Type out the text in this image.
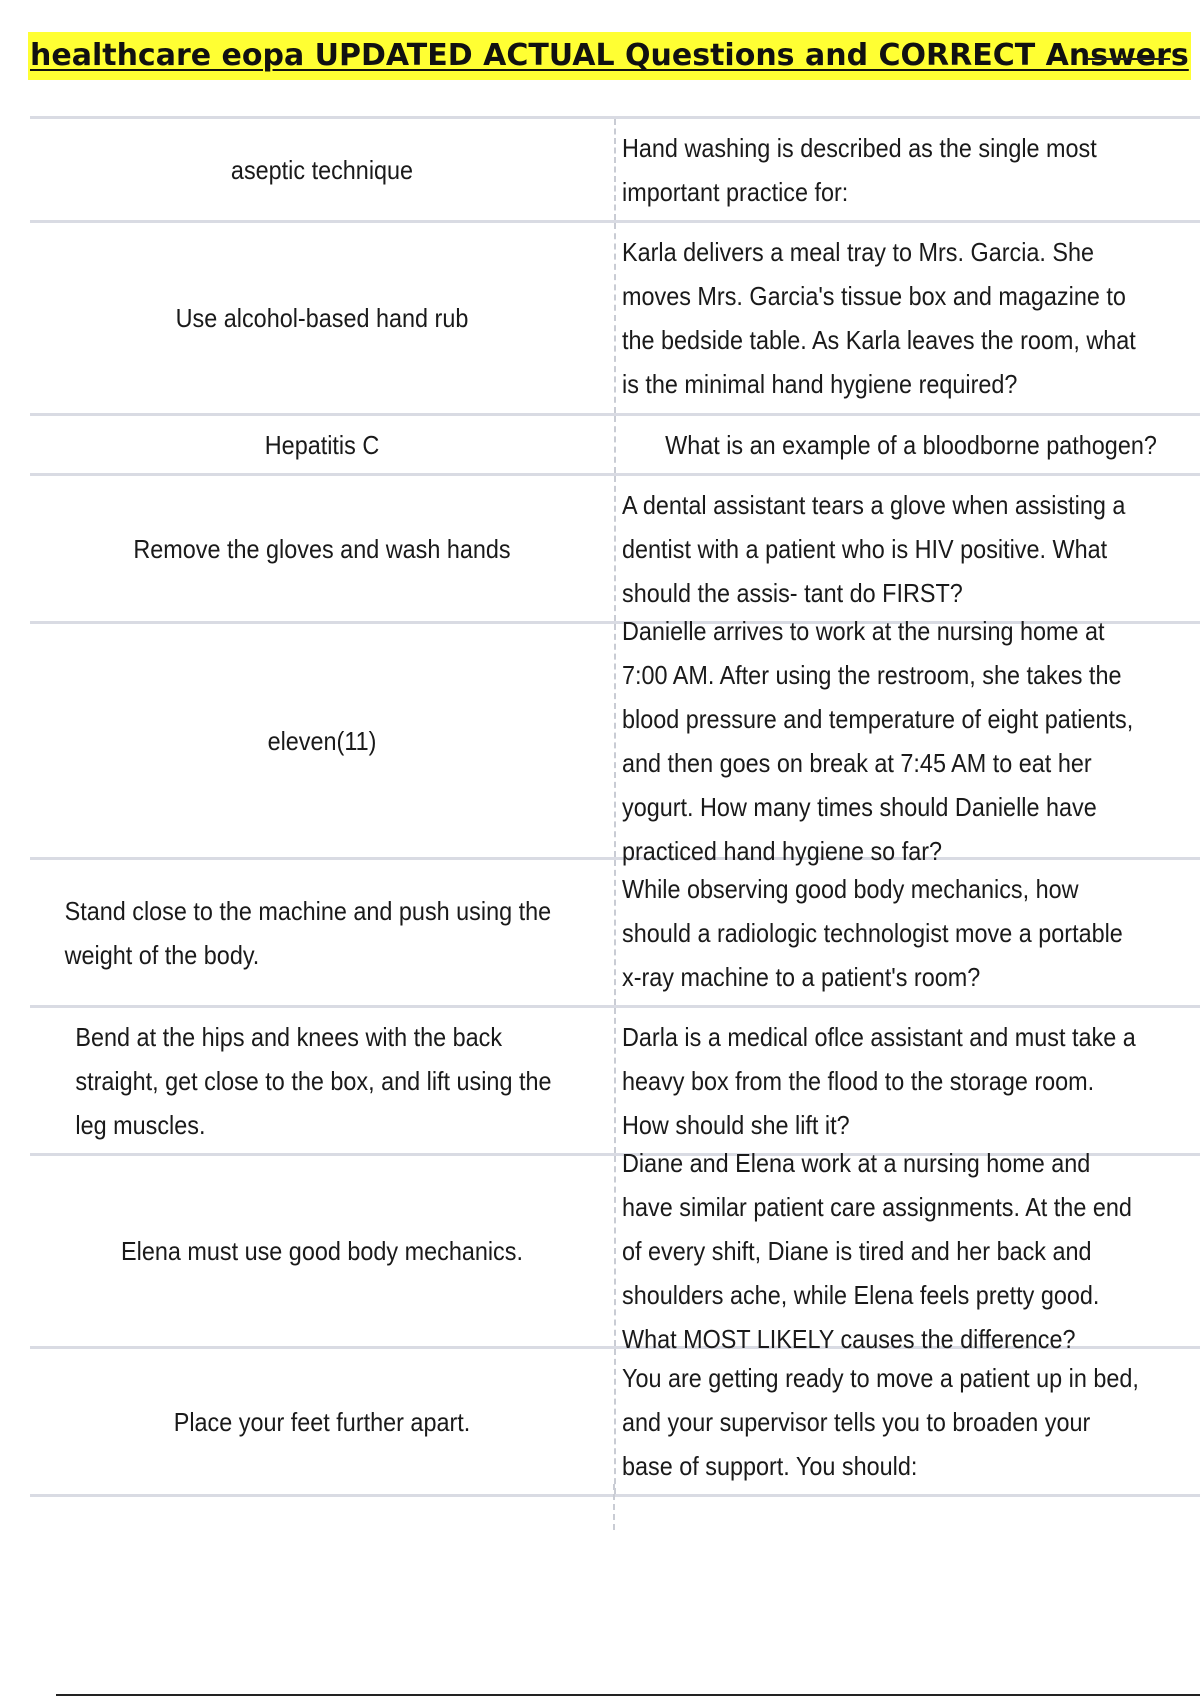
healthcare eopa UPDATED ACTUAL Questions and CORRECT Answers
aseptic technique
Hand washing is described as the single most important practice for:
Use alcohol-based hand rub
Karla delivers a meal tray to Mrs. Garcia. She moves Mrs. Garcia's tissue box and magazine to the bedside table. As Karla leaves the room, what is the minimal hand hygiene required?
Hepatitis C	What is an example of a bloodborne pathogen?
Remove the gloves and wash hands
A dental assistant tears a glove when assisting a dentist with a patient who is HIV positive. What should the assis- tant do FIRST?
eleven(11)
Danielle arrives to work at the nursing home at 7:00 AM. After using the restroom, she takes the blood pressure and temperature of eight patients, and then goes on break at 7:45 AM to eat her yogurt. How many times should Danielle have practiced hand hygiene so far?
Stand close to the machine and push using the weight of the body.
While observing good body mechanics, how should a radiologic technologist move a portable x-ray machine to a patient's room?
Bend at the hips and knees with the back straight, get close to the box, and lift using the leg muscles.
Darla is a medical oflce assistant and must take a heavy box from the flood to the storage room. How should she lift it?
Elena must use good body mechanics.
Diane and Elena work at a nursing home and have similar patient care assignments. At the end of every shift, Diane is tired and her back and shoulders ache, while Elena feels pretty good. What MOST LIKELY causes the difference?
Place your feet further apart.
You are getting ready to move a patient up in bed, and your supervisor tells you to broaden your base of support. You should:
